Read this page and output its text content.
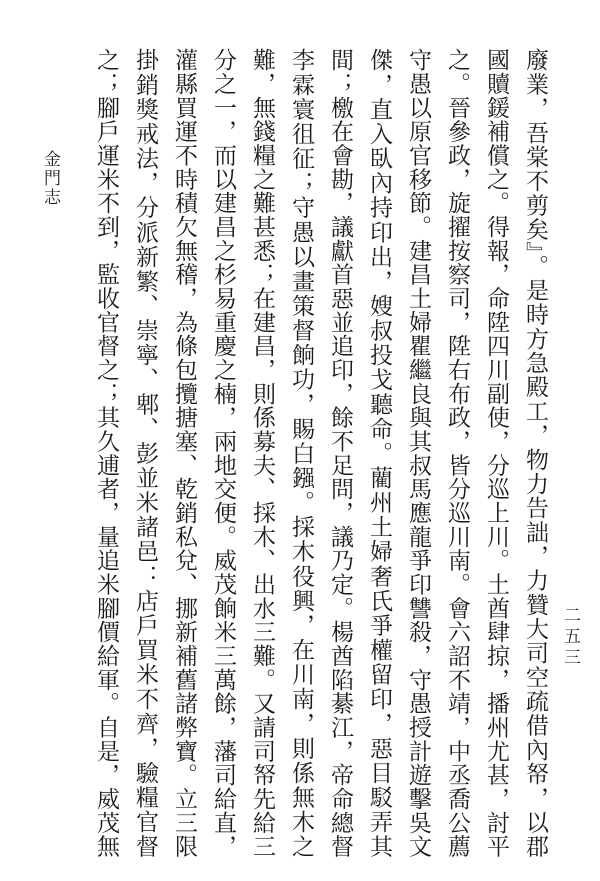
廢業，吾棠不剪矣』。是時方急殿工，物力告詘，力贊大司空疏借內帑，以郡國贖鍰補償之。得報，命陞四川副使，分巡上川。土酋肆掠，播州尤甚，討平之。晉參政，旋擢按察司，陞右布政，皆分巡川南。會六詔不靖，中丞喬公薦守愚以原官移節。建昌土婦瞿繼良與其叔馬應龍爭印讐殺，守愚授計遊擊吳文傑，直入臥內持印出，嫂叔投戈聽命。藺州土婦奢氏爭權留印，惡目駁弄其間；檄在會勘，議獻首惡並追印，餘不足問，議乃定。楊酋陷綦江，帝命總督李霖寰徂征；守愚以畫策督餉功，賜白鏹。採木役興，在川南，則係無木之難，無錢糧之難甚悉；在建昌，則係募夫、採木、出水三難。又請司帑先給三分之一，而以建昌之杉易重慶之楠，兩地交便。威茂餉米三萬餘，藩司給直，灌縣買運不時積欠無稽，為條包攬搪塞、乾銷私兌、挪新補舊諸弊寶。立三限掛銷獎戒法，分派新繁、崇寧、郫、彭並米諸邑：店戶買米不齊，驗糧官督之；腳戶運米不到，監收官督之；其久逋者，量追米腳價給軍。自是，威茂無
金門志
二五三
